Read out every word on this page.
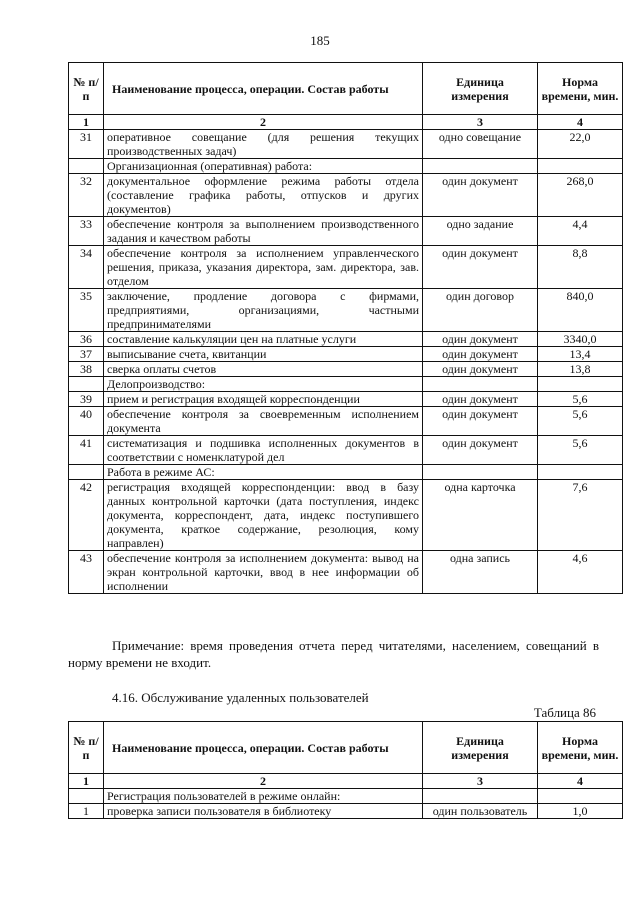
185
№ п/п	Наименование процесса, операции. Состав работы	Единица измерения	Норма времени, мин.
1	2	3	4
31	оперативное совещание (для решения текущих производственных задач)	одно совещание	22,0
	Организационная (оперативная) работа:		
32	документальное оформление режима работы отдела (составление графика работы, отпусков и других документов)	один документ	268,0
33	обеспечение контроля за выполнением производственного задания и качеством работы	одно задание	4,4
34	обеспечение контроля за исполнением управленческого решения, приказа, указания директора, зам. директора, зав. отделом	один документ	8,8
35	заключение, продление договора с фирмами, предприятиями, организациями, частными предпринимателями	один договор	840,0
36	составление калькуляции цен на платные услуги	один документ	3340,0
37	выписывание счета, квитанции	один документ	13,4
38	сверка оплаты счетов	один документ	13,8
	Делопроизводство:		
39	прием и регистрация входящей корреспонденции	один документ	5,6
40	обеспечение контроля за своевременным исполнением документа	один документ	5,6
41	систематизация и подшивка исполненных документов в соответствии с номенклатурой дел	один документ	5,6
	Работа в режиме АС:		
42	регистрация входящей корреспонденции: ввод в базу данных контрольной карточки (дата поступления, индекс документа, корреспондент, дата, индекс поступившего документа, краткое содержание, резолюция, кому направлен)	одна карточка	7,6
43	обеспечение контроля за исполнением документа: вывод на экран контрольной карточки, ввод в нее информации об исполнении	одна запись	4,6
Примечание: время проведения отчета перед читателями, населением, совещаний в норму времени не входит.
4.16. Обслуживание удаленных пользователей
Таблица 86
№ п/п	Наименование процесса, операции. Состав работы	Единица измерения	Норма времени, мин.
1	2	3	4
	Регистрация пользователей в режиме онлайн:		
1	проверка записи пользователя в библиотеку	один пользователь	1,0
